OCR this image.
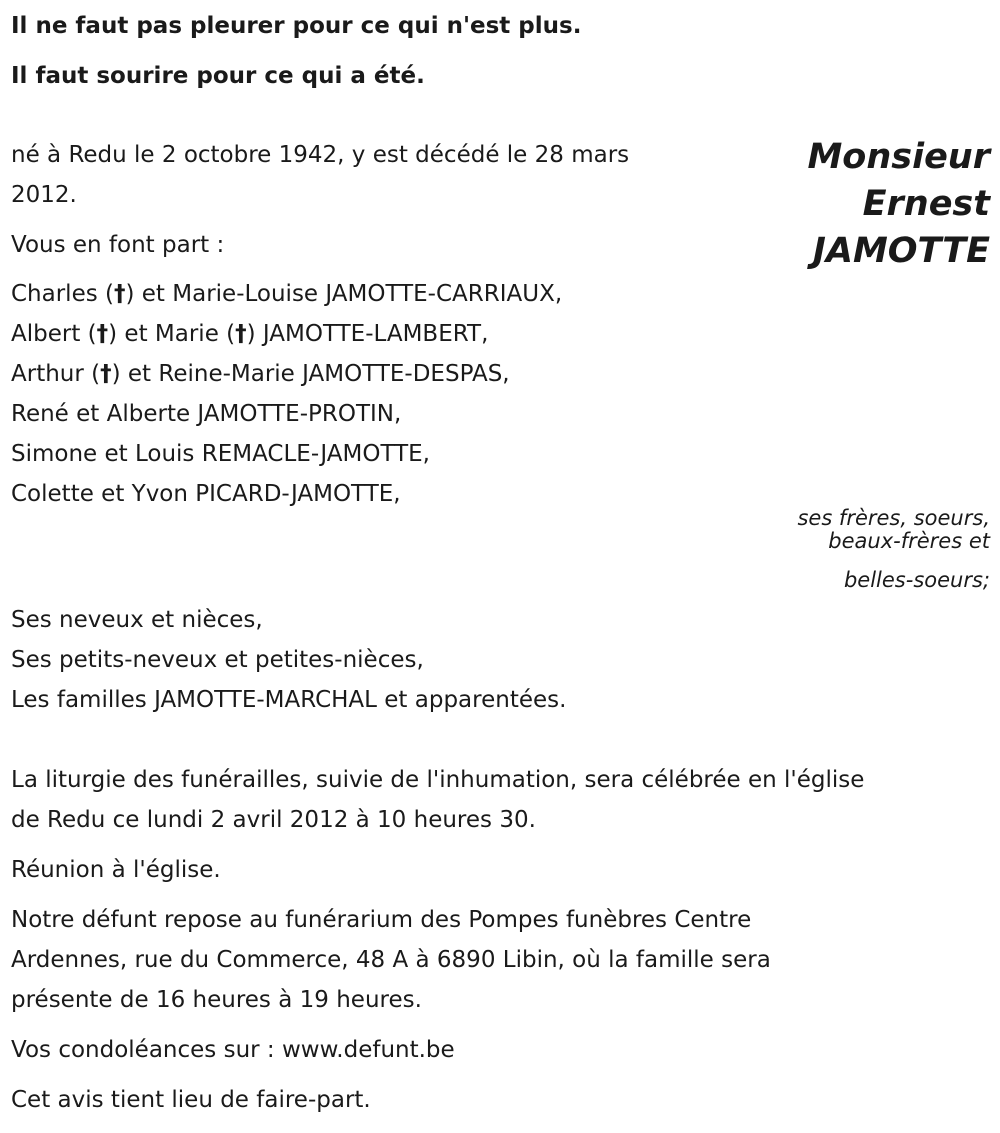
Il ne faut pas pleurer pour ce qui n'est plus.
Il faut sourire pour ce qui a été.
Monsieur
Ernest
JAMOTTE
né à Redu le 2 octobre 1942, y est décédé le 28 mars
2012.
Vous en font part :
Charles (†) et Marie-Louise JAMOTTE-CARRIAUX,
Albert (†) et Marie (†) JAMOTTE-LAMBERT,
Arthur (†) et Reine-Marie JAMOTTE-DESPAS,
René et Alberte JAMOTTE-PROTIN,
Simone et Louis REMACLE-JAMOTTE,
Colette et Yvon PICARD-JAMOTTE,
ses frères, soeurs,
beaux-frères et
belles-soeurs;
Ses neveux et nièces,
Ses petits-neveux et petites-nièces,
Les familles JAMOTTE-MARCHAL et apparentées.
La liturgie des funérailles, suivie de l'inhumation, sera célébrée en l'église
de Redu ce lundi 2 avril 2012 à 10 heures 30.
Réunion à l'église.
Notre défunt repose au funérarium des Pompes funèbres Centre
Ardennes, rue du Commerce, 48 A à 6890 Libin, où la famille sera
présente de 16 heures à 19 heures.
Vos condoléances sur : www.defunt.be
Cet avis tient lieu de faire-part.
